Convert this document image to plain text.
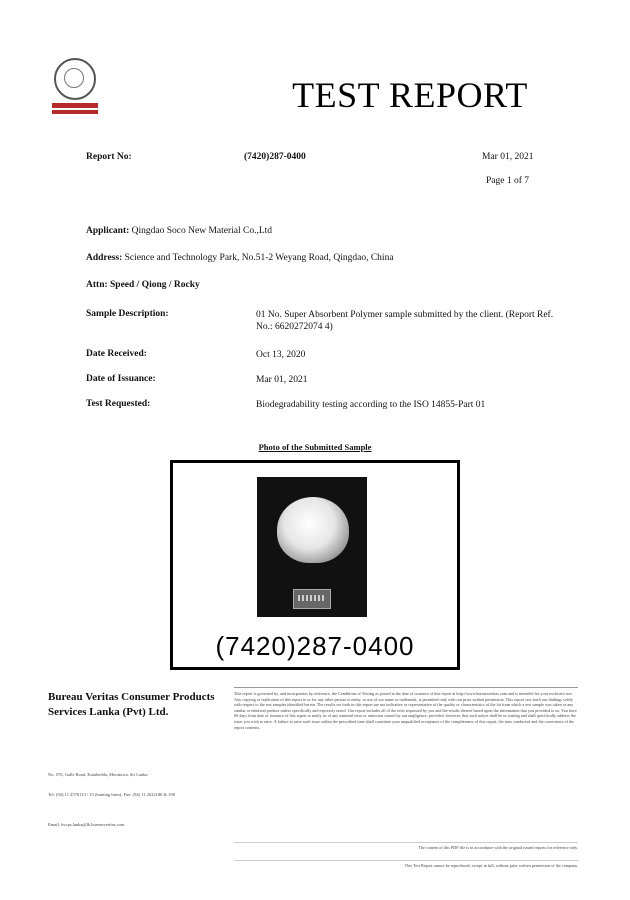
TEST REPORT
Report No:	(7420)287-0400	Mar 01, 2021
Page 1 of 7
Applicant: Qingdao Soco New Material Co.,Ltd
Address: Science and Technology Park, No.51-2 Weyang Road, Qingdao, China
Attn: Speed / Qiong / Rocky
Sample Description:	01 No. Super Absorbent Polymer sample submitted by the client. (Report Ref. No.: 6620272074 4)
Date Received:	Oct 13, 2020
Date of Issuance:	Mar 01, 2021
Test Requested:	Biodegradability testing according to the ISO 14855-Part 01
Photo of the Submitted Sample
(7420)287-0400
Bureau Veritas Consumer Products Services Lanka (Pvt) Ltd.
This report is governed by, and incorporates by reference, the Conditions of Testing as posted at the date of issuance of this report at http://www.bureauveritas.com and is intended for your exclusive use. Any copying or replication of this report to or for any other person or entity, or use of our name or trademark, is permitted only with our prior written permission. This report sets forth our findings solely with respect to the test samples identified herein. The results set forth in this report are not indicative or representative of the quality or characteristics of the lot from which a test sample was taken or any similar or identical product unless specifically and expressly noted. Our report includes all of the tests requested by you and the results thereof based upon the information that you provided to us. You have 60 days from date of issuance of this report to notify us of any material error or omission caused by our negligence; provided, however, that such notice shall be in writing and shall specifically address the issue you wish to raise. A failure to raise such issue within the prescribed time shall constitute your unqualified acceptance of the completeness of this report, the tests conducted and the correctness of the report contents.
No. 570, Galle Road, Katubedda, Moratuwa, Sri Lanka
Tel: (94) 11 2576113 / 15 (hunting lines), Fax: (94) 11 2622186 & 198
Email: bvcps.lanka@lk.bureauveritas.com
The content of this PDF file is in accordance with the original issued reports for reference only.
This Test Report cannot be reproduced, except in full, without prior written permission of the company.
